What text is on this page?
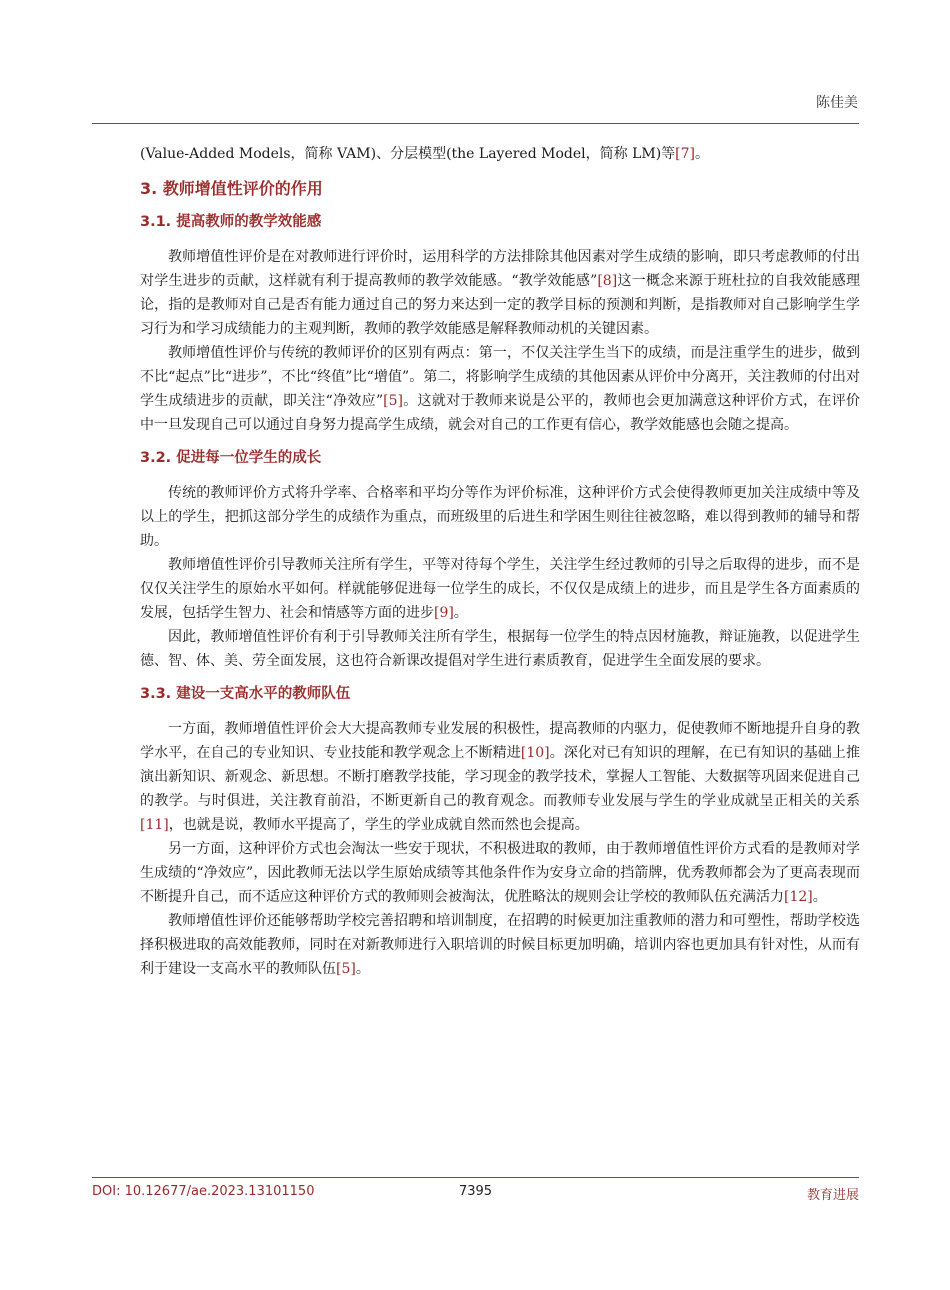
陈佳美

(Value-Added Models，简称 VAM)、分层模型(the Layered Model，简称 LM)等[7]。

3. 教师增值性评价的作用
3.1. 提高教师的教学效能感

教师增值性评价是在对教师进行评价时，运用科学的方法排除其他因素对学生成绩的影响，即只考虑教师的付出对学生进步的贡献，这样就有利于提高教师的教学效能感。“教学效能感”[8]这一概念来源于班杜拉的自我效能感理论，指的是教师对自己是否有能力通过自己的努力来达到一定的教学目标的预测和判断，是指教师对自己影响学生学习行为和学习成绩能力的主观判断，教师的教学效能感是解释教师动机的关键因素。

教师增值性评价与传统的教师评价的区别有两点：第一，不仅关注学生当下的成绩，而是注重学生的进步，做到不比“起点”比“进步”，不比“终值”比“增值”。第二，将影响学生成绩的其他因素从评价中分离开，关注教师的付出对学生成绩进步的贡献，即关注“净效应”[5]。这就对于教师来说是公平的，教师也会更加满意这种评价方式，在评价中一旦发现自己可以通过自身努力提高学生成绩，就会对自己的工作更有信心，教学效能感也会随之提高。

3.2. 促进每一位学生的成长

传统的教师评价方式将升学率、合格率和平均分等作为评价标准，这种评价方式会使得教师更加关注成绩中等及以上的学生，把抓这部分学生的成绩作为重点，而班级里的后进生和学困生则往往被忽略，难以得到教师的辅导和帮助。

教师增值性评价引导教师关注所有学生，平等对待每个学生，关注学生经过教师的引导之后取得的进步，而不是仅仅关注学生的原始水平如何。样就能够促进每一位学生的成长，不仅仅是成绩上的进步，而且是学生各方面素质的发展，包括学生智力、社会和情感等方面的进步[9]。

因此，教师增值性评价有利于引导教师关注所有学生，根据每一位学生的特点因材施教，辩证施教，以促进学生德、智、体、美、劳全面发展，这也符合新课改提倡对学生进行素质教育，促进学生全面发展的要求。

3.3. 建设一支高水平的教师队伍

一方面，教师增值性评价会大大提高教师专业发展的积极性，提高教师的内驱力，促使教师不断地提升自身的教学水平，在自己的专业知识、专业技能和教学观念上不断精进[10]。深化对已有知识的理解，在已有知识的基础上推演出新知识、新观念、新思想。不断打磨教学技能，学习现金的教学技术，掌握人工智能、大数据等巩固来促进自己的教学。与时俱进，关注教育前沿，不断更新自己的教育观念。而教师专业发展与学生的学业成就呈正相关的关系[11]，也就是说，教师水平提高了，学生的学业成就自然而然也会提高。

另一方面，这种评价方式也会淘汰一些安于现状，不积极进取的教师，由于教师增值性评价方式看的是教师对学生成绩的“净效应”，因此教师无法以学生原始成绩等其他条件作为安身立命的挡箭牌，优秀教师都会为了更高表现而不断提升自己，而不适应这种评价方式的教师则会被淘汰，优胜略汰的规则会让学校的教师队伍充满活力[12]。

教师增值性评价还能够帮助学校完善招聘和培训制度，在招聘的时候更加注重教师的潜力和可塑性，帮助学校选择积极进取的高效能教师，同时在对新教师进行入职培训的时候目标更加明确，培训内容也更加具有针对性，从而有利于建设一支高水平的教师队伍[5]。

DOI: 10.12677/ae.2023.13101150	7395	教育进展
